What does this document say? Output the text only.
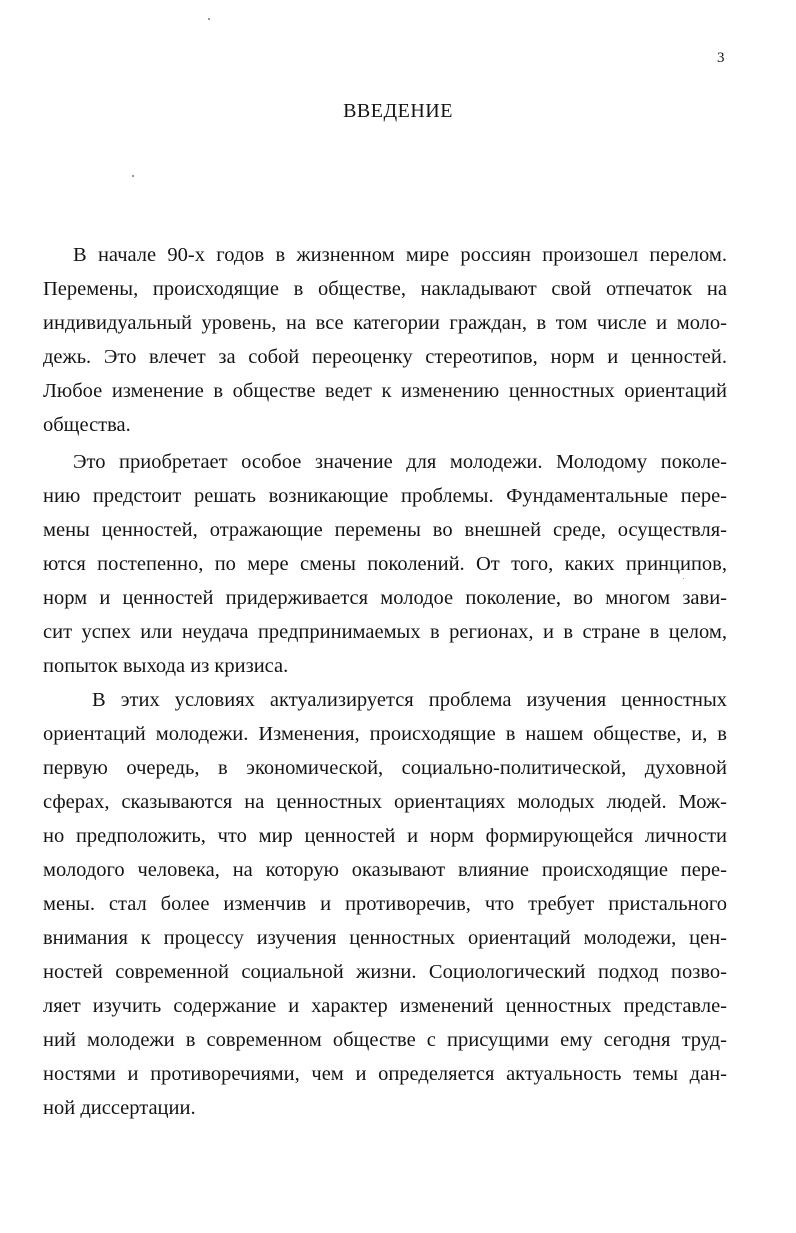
3
ВВЕДЕНИЕ
В начале 90-х годов в жизненном мире россиян произошел перелом.
Перемены, происходящие в обществе, накладывают свой отпечаток на
индивидуальный уровень, на все категории граждан, в том числе и моло-
дежь. Это влечет за собой переоценку стереотипов, норм и ценностей.
Любое изменение в обществе ведет к изменению ценностных ориентаций
общества.
Это приобретает особое значение для молодежи. Молодому поколе-
нию предстоит решать возникающие проблемы. Фундаментальные пере-
мены ценностей, отражающие перемены во внешней среде, осуществля-
ются постепенно, по мере смены поколений. От того, каких принципов,
норм и ценностей придерживается молодое поколение, во многом зави-
сит успех или неудача предпринимаемых в регионах, и в стране в целом,
попыток выхода из кризиса.
В этих условиях актуализируется проблема изучения ценностных
ориентаций молодежи. Изменения, происходящие в нашем обществе, и, в
первую очередь, в экономической, социально-политической, духовной
сферах, сказываются на ценностных ориентациях молодых людей. Мож-
но предположить, что мир ценностей и норм формирующейся личности
молодого человека, на которую оказывают влияние происходящие пере-
мены. стал более изменчив и противоречив, что требует пристального
внимания к процессу изучения ценностных ориентаций молодежи, цен-
ностей современной социальной жизни. Социологический подход позво-
ляет изучить содержание и характер изменений ценностных представле-
ний молодежи в современном обществе с присущими ему сегодня труд-
ностями и противоречиями, чем и определяется актуальность темы дан-
ной диссертации.
